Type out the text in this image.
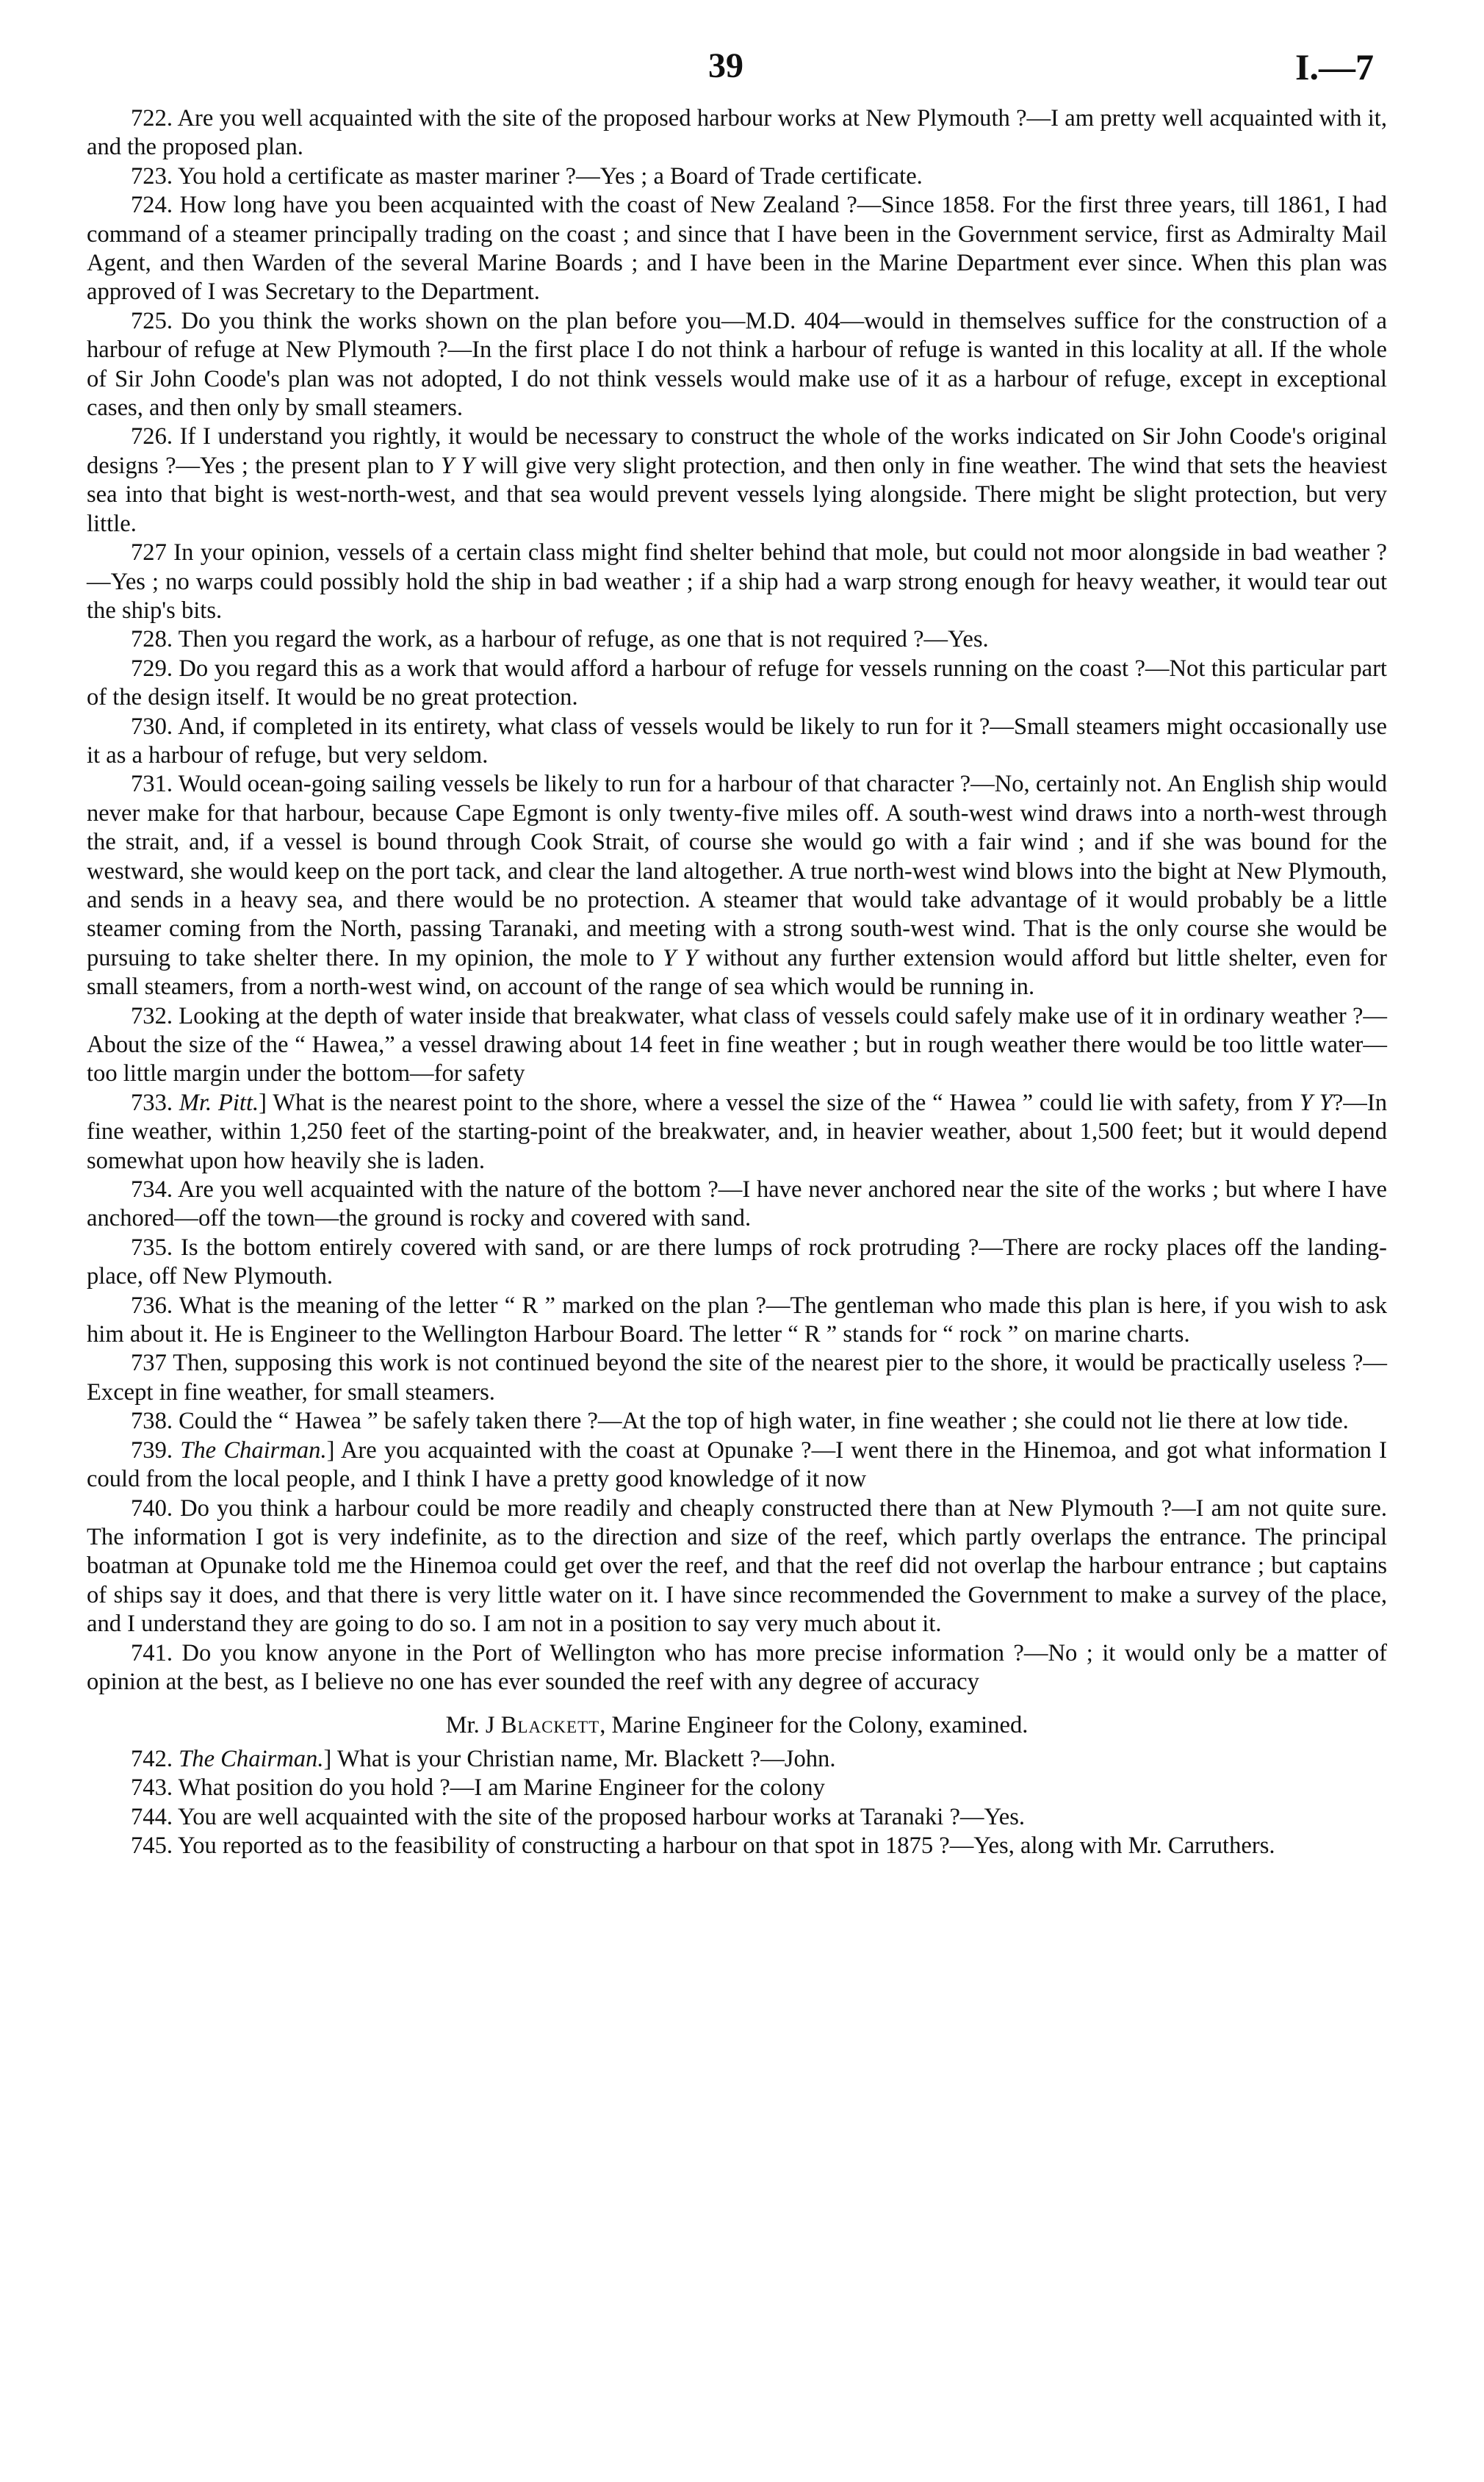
39	I.—7

722. Are you well acquainted with the site of the proposed harbour works at New Plymouth ?—I am pretty well acquainted with it, and the proposed plan.

723. You hold a certificate as master mariner ?—Yes ; a Board of Trade certificate.

724. How long have you been acquainted with the coast of New Zealand ?—Since 1858. For the first three years, till 1861, I had command of a steamer principally trading on the coast ; and since that I have been in the Government service, first as Admiralty Mail Agent, and then Warden of the several Marine Boards ; and I have been in the Marine Department ever since. When this plan was approved of I was Secretary to the Department.

725. Do you think the works shown on the plan before you—M.D. 404—would in themselves suffice for the construction of a harbour of refuge at New Plymouth ?—In the first place I do not think a harbour of refuge is wanted in this locality at all. If the whole of Sir John Coode's plan was not adopted, I do not think vessels would make use of it as a harbour of refuge, except in exceptional cases, and then only by small steamers.

726. If I understand you rightly, it would be necessary to construct the whole of the works indicated on Sir John Coode's original designs ?—Yes ; the present plan to Y Y will give very slight protection, and then only in fine weather. The wind that sets the heaviest sea into that bight is west-north-west, and that sea would prevent vessels lying alongside. There might be slight protection, but very little.

727 In your opinion, vessels of a certain class might find shelter behind that mole, but could not moor alongside in bad weather ?—Yes ; no warps could possibly hold the ship in bad weather ; if a ship had a warp strong enough for heavy weather, it would tear out the ship's bits.

728. Then you regard the work, as a harbour of refuge, as one that is not required ?—Yes.

729. Do you regard this as a work that would afford a harbour of refuge for vessels running on the coast ?—Not this particular part of the design itself. It would be no great protection.

730. And, if completed in its entirety, what class of vessels would be likely to run for it ?—Small steamers might occasionally use it as a harbour of refuge, but very seldom.

731. Would ocean-going sailing vessels be likely to run for a harbour of that character ?—No, certainly not. An English ship would never make for that harbour, because Cape Egmont is only twenty-five miles off. A south-west wind draws into a north-west through the strait, and, if a vessel is bound through Cook Strait, of course she would go with a fair wind ; and if she was bound for the westward, she would keep on the port tack, and clear the land altogether. A true north-west wind blows into the bight at New Plymouth, and sends in a heavy sea, and there would be no protection. A steamer that would take advantage of it would probably be a little steamer coming from the North, passing Taranaki, and meeting with a strong south-west wind. That is the only course she would be pursuing to take shelter there. In my opinion, the mole to Y Y without any further extension would afford but little shelter, even for small steamers, from a north-west wind, on account of the range of sea which would be running in.

732. Looking at the depth of water inside that breakwater, what class of vessels could safely make use of it in ordinary weather ?—About the size of the “ Hawea,” a vessel drawing about 14 feet in fine weather ; but in rough weather there would be too little water—too little margin under the bottom—for safety

733. Mr. Pitt.] What is the nearest point to the shore, where a vessel the size of the “ Hawea ” could lie with safety, from Y Y?—In fine weather, within 1,250 feet of the starting-point of the breakwater, and, in heavier weather, about 1,500 feet; but it would depend somewhat upon how heavily she is laden.

734. Are you well acquainted with the nature of the bottom ?—I have never anchored near the site of the works ; but where I have anchored—off the town—the ground is rocky and covered with sand.

735. Is the bottom entirely covered with sand, or are there lumps of rock protruding ?—There are rocky places off the landing-place, off New Plymouth.

736. What is the meaning of the letter “ R ” marked on the plan ?—The gentleman who made this plan is here, if you wish to ask him about it. He is Engineer to the Wellington Harbour Board. The letter “ R ” stands for “ rock ” on marine charts.

737 Then, supposing this work is not continued beyond the site of the nearest pier to the shore, it would be practically useless ?—Except in fine weather, for small steamers.

738. Could the “ Hawea ” be safely taken there ?—At the top of high water, in fine weather ; she could not lie there at low tide.

739. The Chairman.] Are you acquainted with the coast at Opunake ?—I went there in the Hinemoa, and got what information I could from the local people, and I think I have a pretty good knowledge of it now

740. Do you think a harbour could be more readily and cheaply constructed there than at New Plymouth ?—I am not quite sure. The information I got is very indefinite, as to the direction and size of the reef, which partly overlaps the entrance. The principal boatman at Opunake told me the Hinemoa could get over the reef, and that the reef did not overlap the harbour entrance ; but captains of ships say it does, and that there is very little water on it. I have since recommended the Government to make a survey of the place, and I understand they are going to do so. I am not in a position to say very much about it.

741. Do you know anyone in the Port of Wellington who has more precise information ?—No ; it would only be a matter of opinion at the best, as I believe no one has ever sounded the reef with any degree of accuracy

Mr. J Blackett, Marine Engineer for the Colony, examined.

742. The Chairman.] What is your Christian name, Mr. Blackett ?—John.

743. What position do you hold ?—I am Marine Engineer for the colony

744. You are well acquainted with the site of the proposed harbour works at Taranaki ?—Yes.

745. You reported as to the feasibility of constructing a harbour on that spot in 1875 ?—Yes, along with Mr. Carruthers.
